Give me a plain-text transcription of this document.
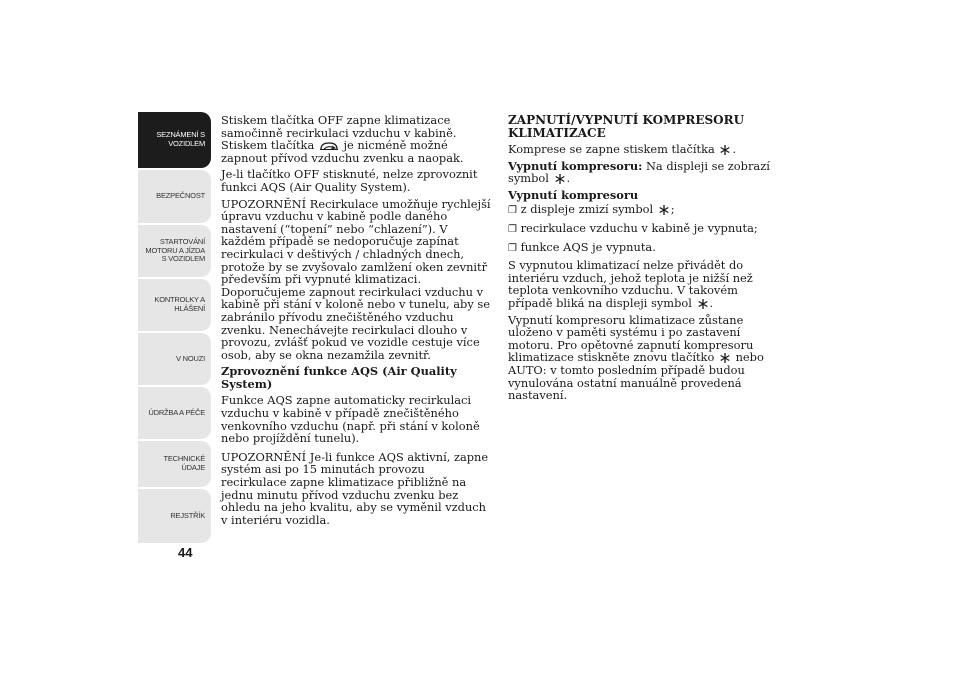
SEZNÁMENÍ S
VOZIDLEM
BEZPEČNOST
STARTOVÁNÍ
MOTORU A JÍZDA
S VOZIDLEM
KONTROLKY A
HLÁŠENÍ
V NOUZI
ÚDRŽBA A PÉČE
TECHNICKÉ
ÚDAJE
REJSTŘÍK
44

Stiskem tlačítka OFF zapne klimatizace samočinně recirkulaci vzduchu v kabině. Stiskem tlačítka	je nicméně možné zapnout přívod vzduchu zvenku a naopak.

Je-li tlačítko OFF stisknuté, nelze zprovoznit funkci AQS (Air Quality System).

UPOZORNĚNÍ Recirkulace umožňuje rychlejší úpravu vzduchu v kabině podle daného nastavení (“topení” nebo “chlazení”). V každém případě se nedoporučuje zapínat recirkulaci v deštivých / chladných dnech, protože by se zvyšovalo zamlžení oken zevnitř především při vypnuté klimatizaci. Doporučujeme zapnout recirkulaci vzduchu v kabině při stání v koloně nebo v tunelu, aby se zabránilo přívodu znečištěného vzduchu zvenku. Nenechávejte recirkulaci dlouho v provozu, zvlášť pokud ve vozidle cestuje více osob, aby se okna nezamžila zevnitř.

Zprovoznění funkce AQS (Air Quality System)

Funkce AQS zapne automaticky recirkulaci vzduchu v kabině v případě znečištěného venkovního vzduchu (např. při stání v koloně nebo projíždění tunelu).

UPOZORNĚNÍ Je-li funkce AQS aktivní, zapne systém asi po 15 minutách provozu recirkulace zapne klimatizace přibližně na jednu minutu přívod vzduchu zvenku bez ohledu na jeho kvalitu, aby se vyměnil vzduch v interiéru vozidla.

ZAPNUTÍ/VYPNUTÍ KOMPRESORU KLIMATIZACE

Komprese se zapne stiskem tlačítka .

Vypnutí kompresoru: Na displeji se zobrazí symbol .

Vypnutí kompresoru

❐ z displeje zmizí symbol ;

❐ recirkulace vzduchu v kabině je vypnuta;

❐ funkce AQS je vypnuta.

S vypnutou klimatizací nelze přivádět do interiéru vzduch, jehož teplota je nižší než teplota venkovního vzduchu. V takovém případě bliká na displeji symbol .

Vypnutí kompresoru klimatizace zůstane uloženo v paměti systému i po zastavení motoru. Pro opětovné zapnutí kompresoru klimatizace stiskněte znovu tlačítko nebo AUTO: v tomto posledním případě budou vynulována ostatní manuálně provedená nastavení.
